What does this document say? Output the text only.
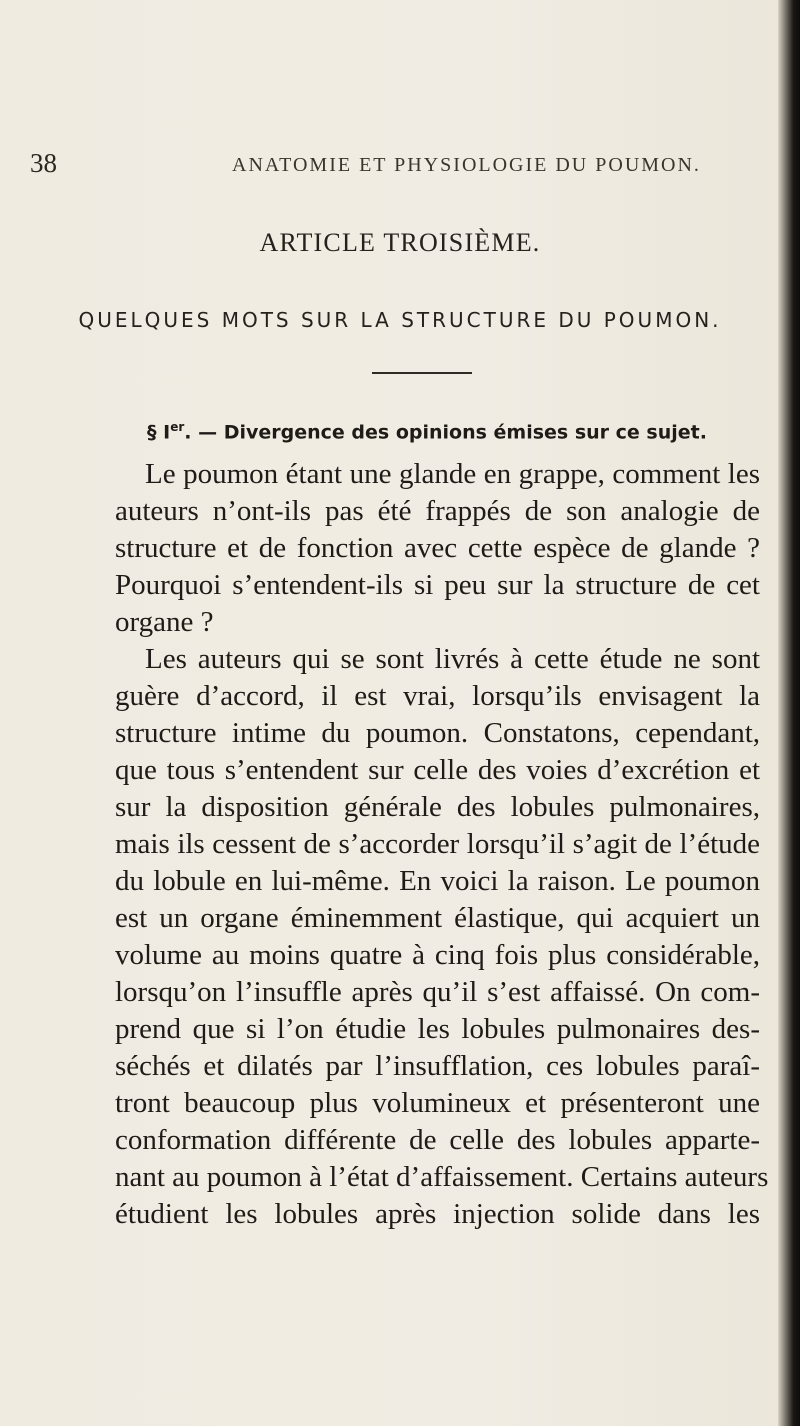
38	ANATOMIE ET PHYSIOLOGIE DU POUMON.
ARTICLE TROISIÈME.
QUELQUES MOTS SUR LA STRUCTURE DU POUMON.
§ Ier. — Divergence des opinions émises sur ce sujet.
Le poumon étant une glande en grappe, comment les
auteurs n’ont-ils pas été frappés de son analogie de
structure et de fonction avec cette espèce de glande ?
Pourquoi s’entendent-ils si peu sur la structure de cet
organe ?
Les auteurs qui se sont livrés à cette étude ne sont
guère d’accord, il est vrai, lorsqu’ils envisagent la
structure intime du poumon. Constatons, cependant,
que tous s’entendent sur celle des voies d’excrétion et
sur la disposition générale des lobules pulmonaires,
mais ils cessent de s’accorder lorsqu’il s’agit de l’étude
du lobule en lui-même. En voici la raison. Le poumon
est un organe éminemment élastique, qui acquiert un
volume au moins quatre à cinq fois plus considérable,
lorsqu’on l’insuffle après qu’il s’est affaissé. On com-
prend que si l’on étudie les lobules pulmonaires des-
séchés et dilatés par l’insufflation, ces lobules paraî-
tront beaucoup plus volumineux et présenteront une
conformation différente de celle des lobules apparte-
nant au poumon à l’état d’affaissement. Certains auteurs
étudient les lobules après injection solide dans les
